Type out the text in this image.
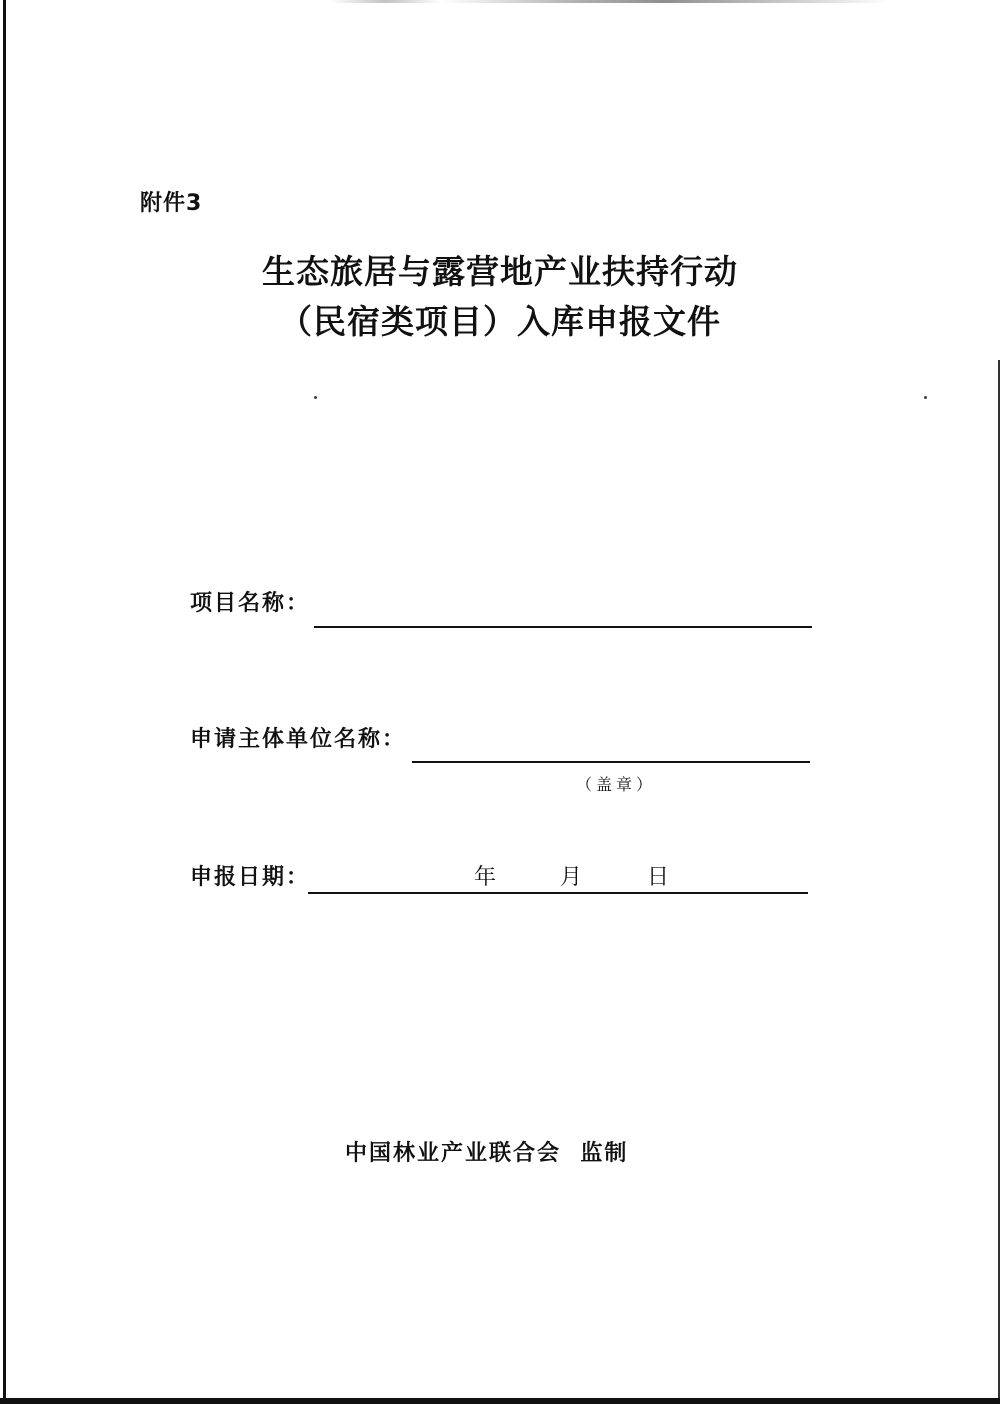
附件3
生态旅居与露营地产业扶持行动
（民宿类项目）入库申报文件
项目名称：
申请主体单位名称：
（盖章）
申报日期：	年	月	日
中国林业产业联合会 监制
